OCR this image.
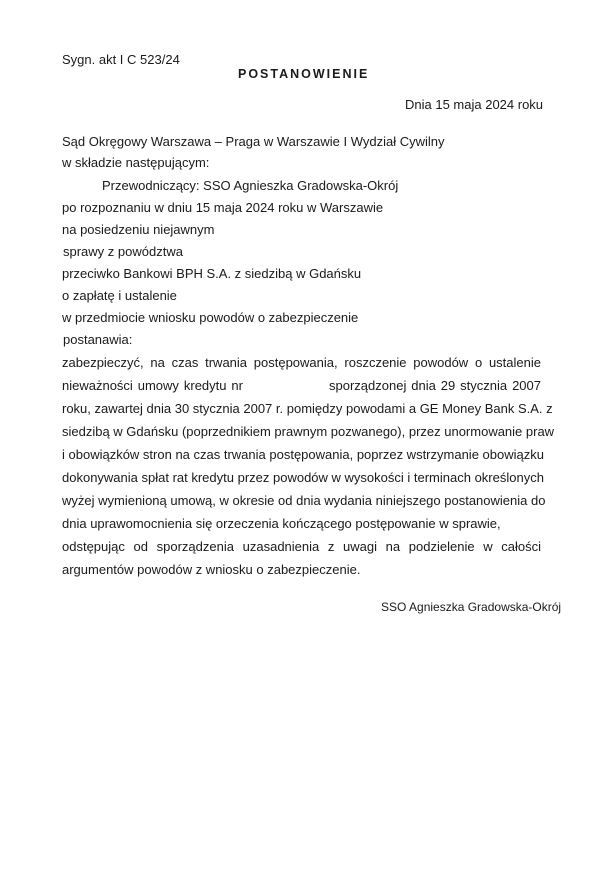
Sygn. akt I C 523/24
POSTANOWIENIE
Dnia 15 maja 2024 roku
Sąd Okręgowy Warszawa – Praga w Warszawie I Wydział Cywilny
w składzie następującym:
Przewodniczący: SSO Agnieszka Gradowska-Okrój
po rozpoznaniu w dniu 15 maja 2024 roku w Warszawie
na posiedzeniu niejawnym
sprawy z powództwa
przeciwko Bankowi BPH S.A. z siedzibą w Gdańsku
o zapłatę i ustalenie
w przedmiocie wniosku powodów o zabezpieczenie
postanawia:
zabezpieczyć, na czas trwania postępowania, roszczenie powodów o ustalenie
nieważności umowy kredytu nr	sporządzonej dnia 29 stycznia 2007
roku, zawartej dnia 30 stycznia 2007 r. pomiędzy powodami a GE Money Bank S.A. z
siedzibą w Gdańsku (poprzednikiem prawnym pozwanego), przez unormowanie praw
i obowiązków stron na czas trwania postępowania, poprzez wstrzymanie obowiązku
dokonywania spłat rat kredytu przez powodów w wysokości i terminach określonych
wyżej wymienioną umową, w okresie od dnia wydania niniejszego postanowienia do
dnia uprawomocnienia się orzeczenia kończącego postępowanie w sprawie,
odstępując od sporządzenia uzasadnienia z uwagi na podzielenie w całości
argumentów powodów z wniosku o zabezpieczenie.
SSO Agnieszka Gradowska-Okrój
